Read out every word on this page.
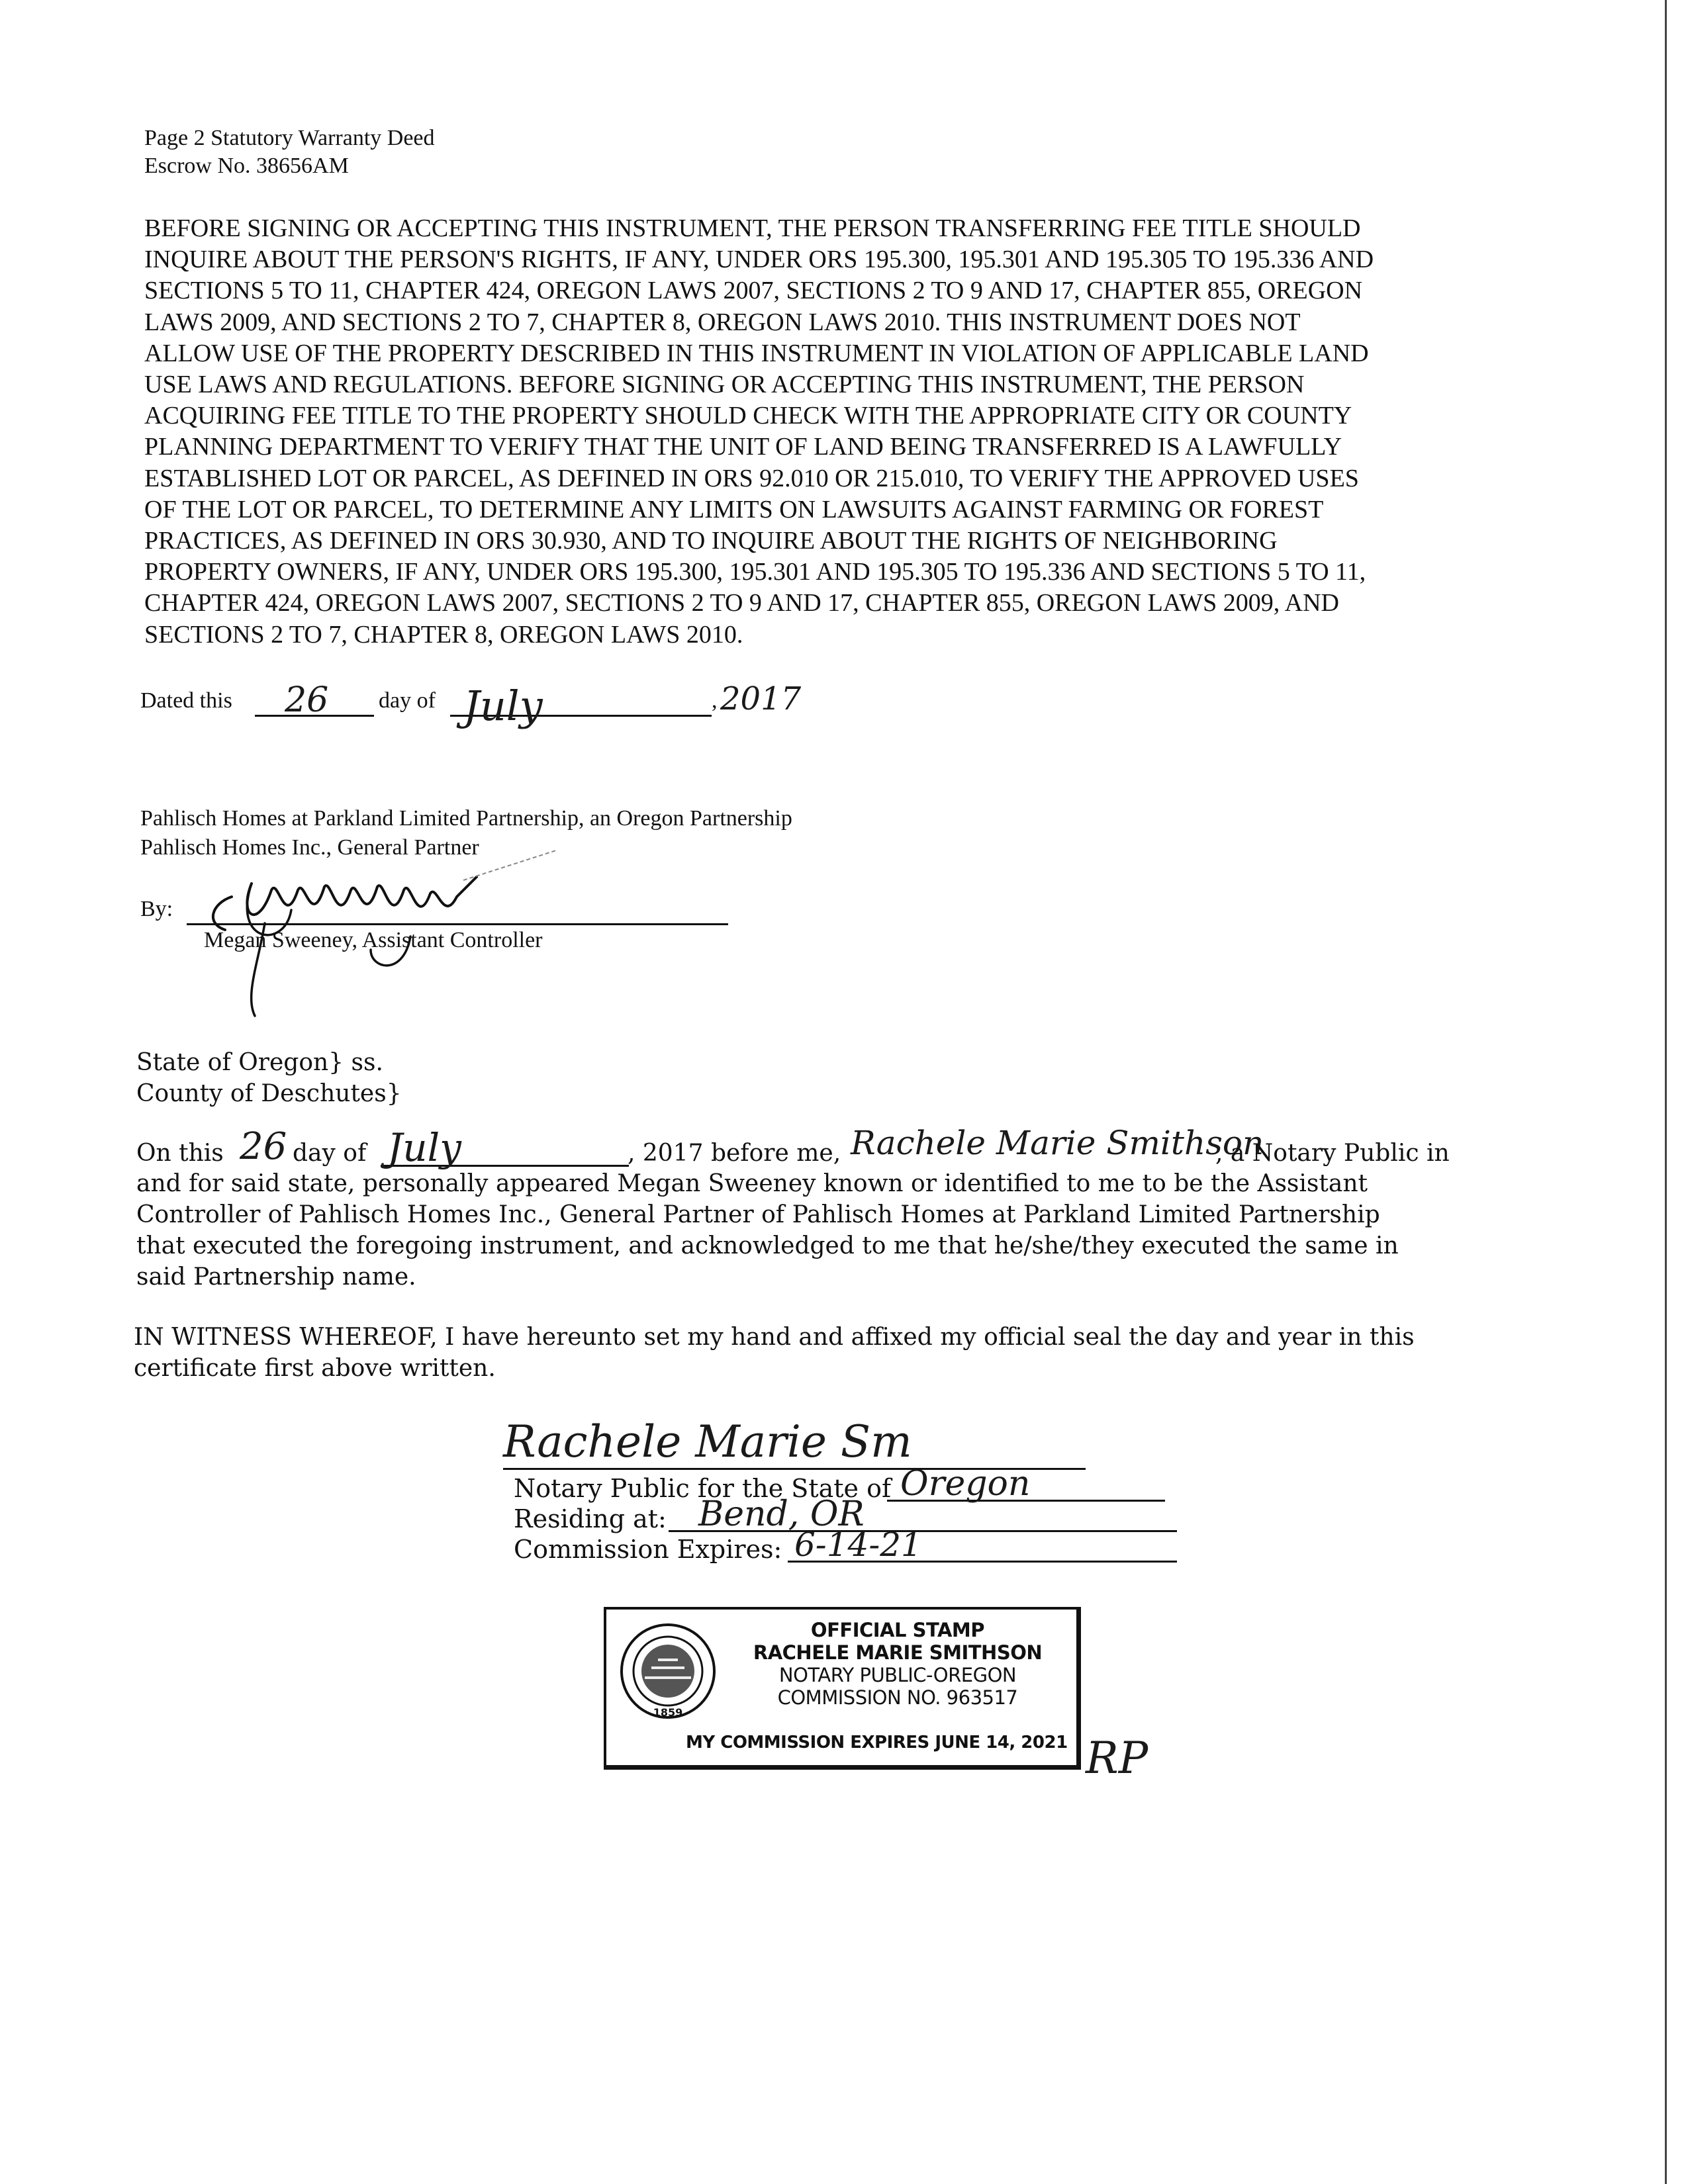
Page 2 Statutory Warranty Deed
Escrow No. 38656AM
BEFORE SIGNING OR ACCEPTING THIS INSTRUMENT, THE PERSON TRANSFERRING FEE TITLE SHOULD
INQUIRE ABOUT THE PERSON'S RIGHTS, IF ANY, UNDER ORS 195.300, 195.301 AND 195.305 TO 195.336 AND
SECTIONS 5 TO 11, CHAPTER 424, OREGON LAWS 2007, SECTIONS 2 TO 9 AND 17, CHAPTER 855, OREGON
LAWS 2009, AND SECTIONS 2 TO 7, CHAPTER 8, OREGON LAWS 2010. THIS INSTRUMENT DOES NOT
ALLOW USE OF THE PROPERTY DESCRIBED IN THIS INSTRUMENT IN VIOLATION OF APPLICABLE LAND
USE LAWS AND REGULATIONS. BEFORE SIGNING OR ACCEPTING THIS INSTRUMENT, THE PERSON
ACQUIRING FEE TITLE TO THE PROPERTY SHOULD CHECK WITH THE APPROPRIATE CITY OR COUNTY
PLANNING DEPARTMENT TO VERIFY THAT THE UNIT OF LAND BEING TRANSFERRED IS A LAWFULLY
ESTABLISHED LOT OR PARCEL, AS DEFINED IN ORS 92.010 OR 215.010, TO VERIFY THE APPROVED USES
OF THE LOT OR PARCEL, TO DETERMINE ANY LIMITS ON LAWSUITS AGAINST FARMING OR FOREST
PRACTICES, AS DEFINED IN ORS 30.930, AND TO INQUIRE ABOUT THE RIGHTS OF NEIGHBORING
PROPERTY OWNERS, IF ANY, UNDER ORS 195.300, 195.301 AND 195.305 TO 195.336 AND SECTIONS 5 TO 11,
CHAPTER 424, OREGON LAWS 2007, SECTIONS 2 TO 9 AND 17, CHAPTER 855, OREGON LAWS 2009, AND
SECTIONS 2 TO 7, CHAPTER 8, OREGON LAWS 2010.
Dated this 26 day of July	, 2017
Pahlisch Homes at Parkland Limited Partnership, an Oregon Partnership
Pahlisch Homes Inc., General Partner
By:
Megan Sweeney, Assistant Controller
State of Oregon} ss.
County of Deschutes}
On this 26 day of July	, 2017 before me, Rachele Marie Smithson
, a Notary Public in
and for said state, personally appeared Megan Sweeney known or identified to me to be the Assistant
Controller of Pahlisch Homes Inc., General Partner of Pahlisch Homes at Parkland Limited Partnership
that executed the foregoing instrument, and acknowledged to me that he/she/they executed the same in
said Partnership name.
IN WITNESS WHEREOF, I have hereunto set my hand and affixed my official seal the day and year in this
certificate first above written.
Rachele Marie Sm
Notary Public for the State of Oregon
Residing at: Bend, OR
Commission Expires: 6-14-21
1859
OFFICIAL STAMP
RACHELE MARIE SMITHSON
NOTARY PUBLIC-OREGON
COMMISSION NO. 963517
MY COMMISSION EXPIRES JUNE 14, 2021 RP
